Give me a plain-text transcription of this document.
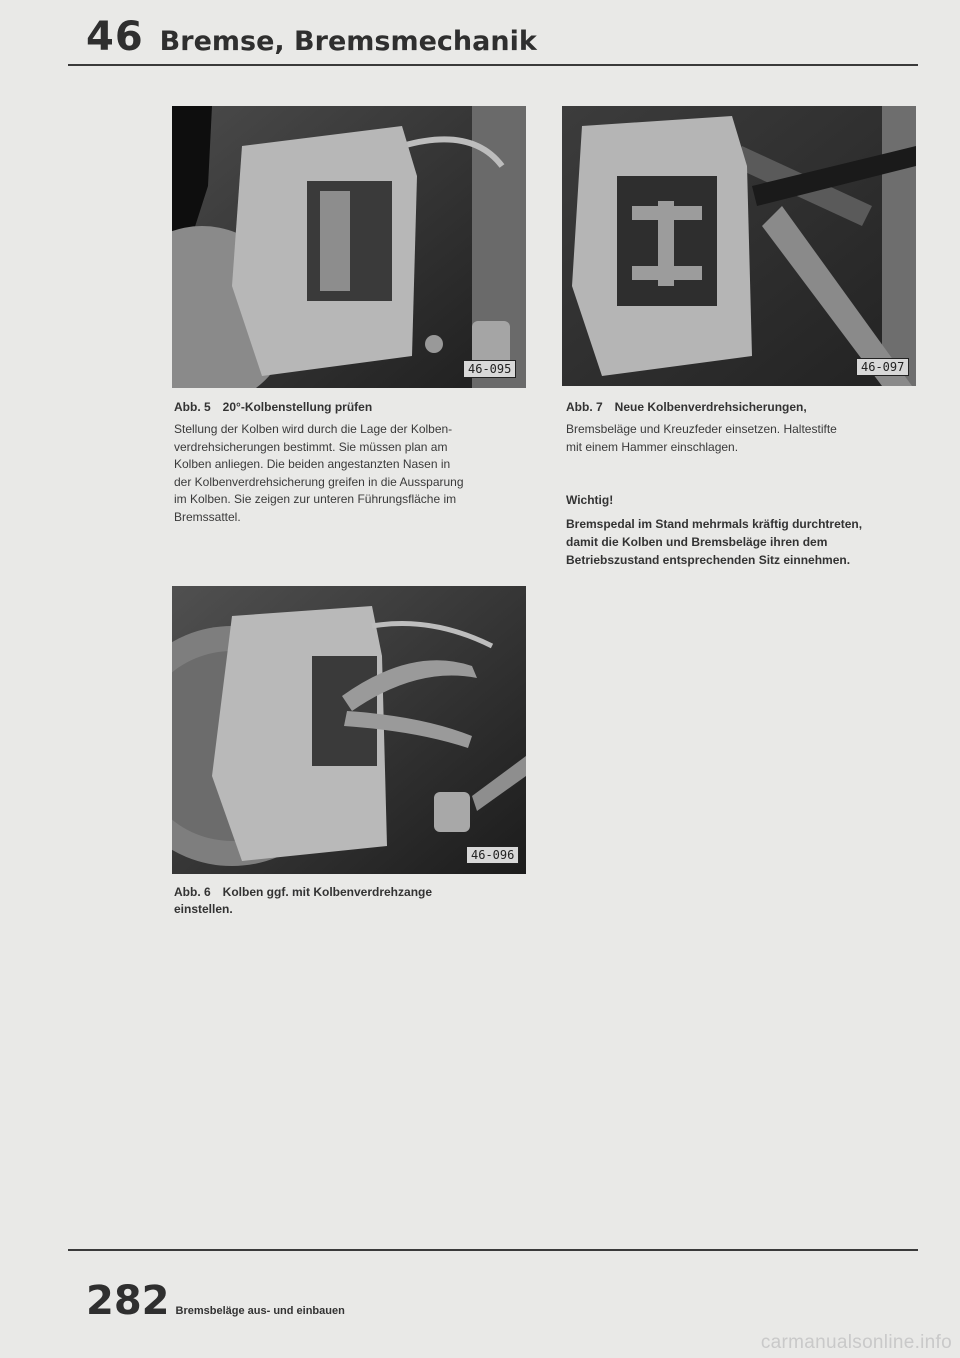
46 Bremse, Bremsmechanik
46-095
Abb. 5 20°-Kolbenstellung prüfen
Stellung der Kolben wird durch die Lage der Kolben-
verdrehsicherungen bestimmt. Sie müssen plan am
Kolben anliegen. Die beiden angestanzten Nasen in
der Kolbenverdrehsicherung greifen in die Aussparung
im Kolben. Sie zeigen zur unteren Führungsfläche im
Bremssattel.
46-097
Abb. 7 Neue Kolbenverdrehsicherungen,
Bremsbeläge und Kreuzfeder einsetzen. Haltestifte
mit einem Hammer einschlagen.
Wichtig!
Bremspedal im Stand mehrmals kräftig durchtreten,
damit die Kolben und Bremsbeläge ihren dem
Betriebszustand entsprechenden Sitz einnehmen.
46-096
Abb. 6 Kolben ggf. mit Kolbenverdrehzange
einstellen.
282 Bremsbeläge aus- und einbauen
carmanualsonline.info
